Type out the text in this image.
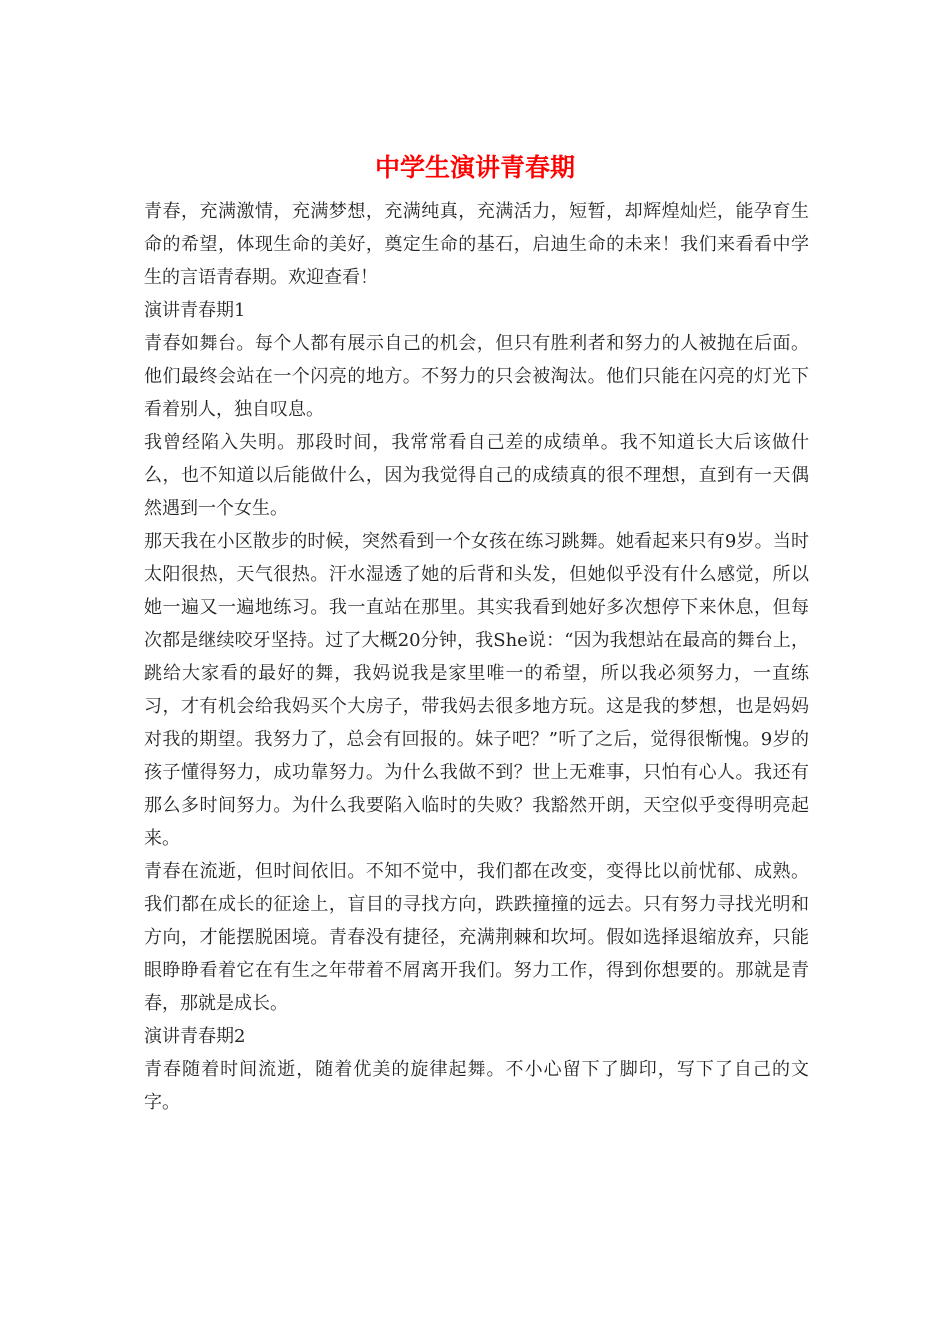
中学生演讲青春期

青春，充满激情，充满梦想，充满纯真，充满活力，短暂，却辉煌灿烂，能孕育生命的希望，体现生命的美好，奠定生命的基石，启迪生命的未来！我们来看看中学生的言语青春期。欢迎查看！

演讲青春期1

青春如舞台。每个人都有展示自己的机会，但只有胜利者和努力的人被抛在后面。他们最终会站在一个闪亮的地方。不努力的只会被淘汰。他们只能在闪亮的灯光下看着别人，独自叹息。

我曾经陷入失明。那段时间，我常常看自己差的成绩单。我不知道长大后该做什么，也不知道以后能做什么，因为我觉得自己的成绩真的很不理想，直到有一天偶然遇到一个女生。

那天我在小区散步的时候，突然看到一个女孩在练习跳舞。她看起来只有9岁。当时太阳很热，天气很热。汗水湿透了她的后背和头发，但她似乎没有什么感觉，所以她一遍又一遍地练习。我一直站在那里。其实我看到她好多次想停下来休息，但每次都是继续咬牙坚持。过了大概20分钟，我She说：“因为我想站在最高的舞台上，跳给大家看的最好的舞，我妈说我是家里唯一的希望，所以我必须努力，一直练习，才有机会给我妈买个大房子，带我妈去很多地方玩。这是我的梦想，也是妈妈对我的期望。我努力了，总会有回报的。妹子吧？”听了之后，觉得很惭愧。9岁的孩子懂得努力，成功靠努力。为什么我做不到？世上无难事，只怕有心人。我还有那么多时间努力。为什么我要陷入临时的失败？我豁然开朗，天空似乎变得明亮起来。

青春在流逝，但时间依旧。不知不觉中，我们都在改变，变得比以前忧郁、成熟。我们都在成长的征途上，盲目的寻找方向，跌跌撞撞的远去。只有努力寻找光明和方向，才能摆脱困境。青春没有捷径，充满荆棘和坎坷。假如选择退缩放弃，只能眼睁睁看着它在有生之年带着不屑离开我们。努力工作，得到你想要的。那就是青春，那就是成长。

演讲青春期2

青春随着时间流逝，随着优美的旋律起舞。不小心留下了脚印，写下了自己的文字。
